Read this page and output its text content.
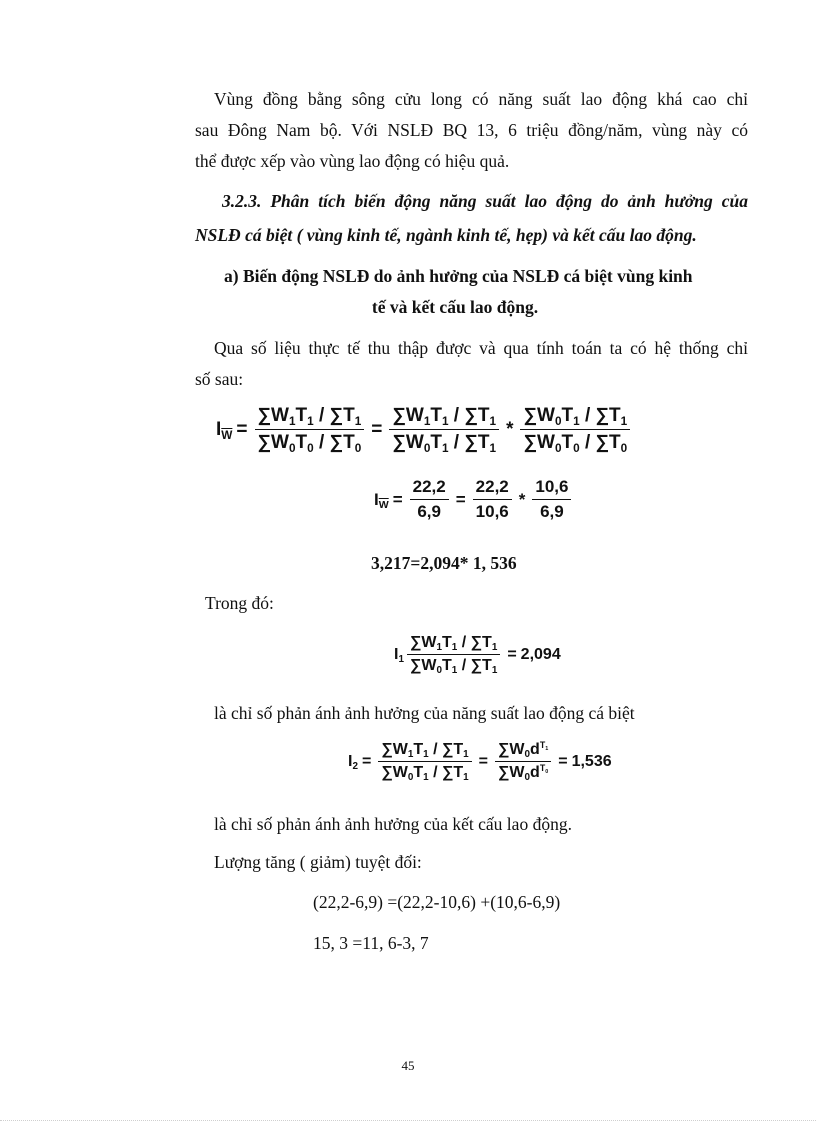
Vùng đồng bằng sông cửu long có năng suất lao động khá cao chỉ

sau Đông Nam bộ. Với NSLĐ BQ 13, 6 triệu đồng/năm, vùng này có

thể được xếp vào vùng lao động có hiệu quả.

3.2.3. Phân tích biến động năng suất lao động do ảnh hưởng của

NSLĐ cá biệt ( vùng kinh tế, ngành kinh tế, hẹp) và kết cấu lao động.

a) Biến động NSLĐ do ảnh hưởng của NSLĐ cá biệt vùng kinh

tế và kết cấu lao động.

Qua số liệu thực tế thu thập được và qua tính toán ta có hệ thống chỉ

số sau:

$I_{\overline{W}} = \frac{\sum W_1T_1 / \sum T_1}{\sum W_0T_0 / \sum T_0} = \frac{\sum W_1T_1 / \sum T_1}{\sum W_0T_1 / \sum T_1} * \frac{\sum W_0T_1 / \sum T_1}{\sum W_0T_0 / \sum T_0}$
$I_{\overline{W}} = \frac{22,2}{6,9} = \frac{22,2}{10,6} * \frac{10,6}{6,9}$

3,217=2,094* 1, 536

Trong đó:

$I_1 \frac{\sum W_1T_1 / \sum T_1}{\sum W_0T_1 / \sum T_1} = 2,094$

là chỉ số phản ánh ảnh hưởng của năng suất lao động cá biệt

$I_2 = \frac{\sum W_1T_1 / \sum T_1}{\sum W_0T_1 / \sum T_1} = \frac{\sum W_0d^{T_1}}{\sum W_0d^{T_0}} = 1,536$

là chỉ số phản ánh ảnh hưởng của kết cấu lao động.

Lượng tăng ( giảm) tuyệt đối:

(22,2-6,9) =(22,2-10,6) +(10,6-6,9)

15, 3 =11, 6-3, 7

45
